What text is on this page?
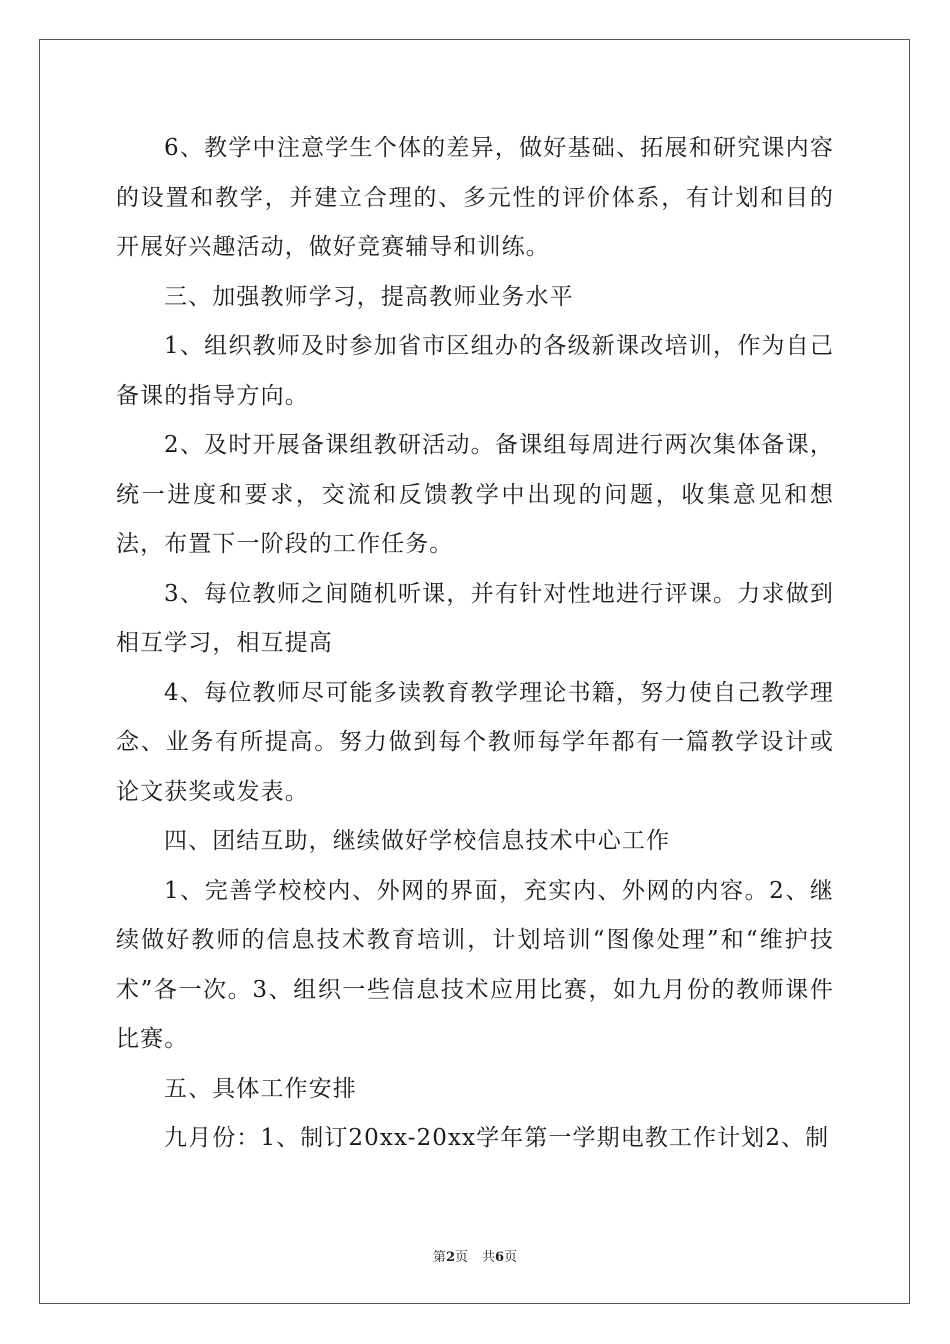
6、教学中注意学生个体的差异，做好基础、拓展和研究课内容的设置和教学，并建立合理的、多元性的评价体系，有计划和目的开展好兴趣活动，做好竞赛辅导和训练。

三、加强教师学习，提高教师业务水平

1、组织教师及时参加省市区组办的各级新课改培训，作为自己备课的指导方向。

2、及时开展备课组教研活动。备课组每周进行两次集体备课，统一进度和要求，交流和反馈教学中出现的问题，收集意见和想法，布置下一阶段的工作任务。

3、每位教师之间随机听课，并有针对性地进行评课。力求做到相互学习，相互提高

4、每位教师尽可能多读教育教学理论书籍，努力使自己教学理念、业务有所提高。努力做到每个教师每学年都有一篇教学设计或论文获奖或发表。

四、团结互助，继续做好学校信息技术中心工作

1、完善学校校内、外网的界面，充实内、外网的内容。2、继续做好教师的信息技术教育培训，计划培训“图像处理”和“维护技术”各一次。3、组织一些信息技术应用比赛，如九月份的教师课件比赛。

五、具体工作安排

九月份：1、制订20xx-20xx学年第一学期电教工作计划2、制

第2页 共6页
